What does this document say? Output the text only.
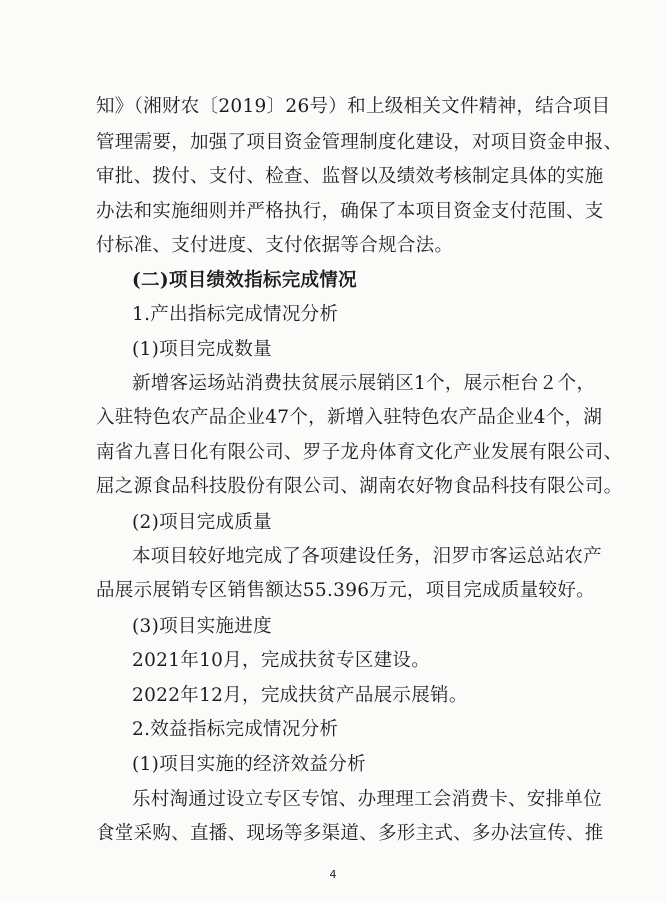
知》（湘财农〔2019〕26号）和上级相关文件精神，结合项目
管理需要，加强了项目资金管理制度化建设，对项目资金申报、
审批、拨付、支付、检查、监督以及绩效考核制定具体的实施
办法和实施细则并严格执行，确保了本项目资金支付范围、支
付标准、支付进度、支付依据等合规合法。
(二)项目绩效指标完成情况
1.产出指标完成情况分析
(1)项目完成数量
新增客运场站消费扶贫展示展销区1个，展示柜台２个，
入驻特色农产品企业47个，新增入驻特色农产品企业4个，湖
南省九喜日化有限公司、罗子龙舟体育文化产业发展有限公司、
屈之源食品科技股份有限公司、湖南农好物食品科技有限公司。
(2)项目完成质量
本项目较好地完成了各项建设任务，汨罗市客运总站农产
品展示展销专区销售额达55.396万元，项目完成质量较好。
(3)项目实施进度
2021年10月，完成扶贫专区建设。
2022年12月，完成扶贫产品展示展销。
2.效益指标完成情况分析
(1)项目实施的经济效益分析
乐村淘通过设立专区专馆、办理理工会消费卡、安排单位
食堂采购、直播、现场等多渠道、多形主式、多办法宣传、推
4
